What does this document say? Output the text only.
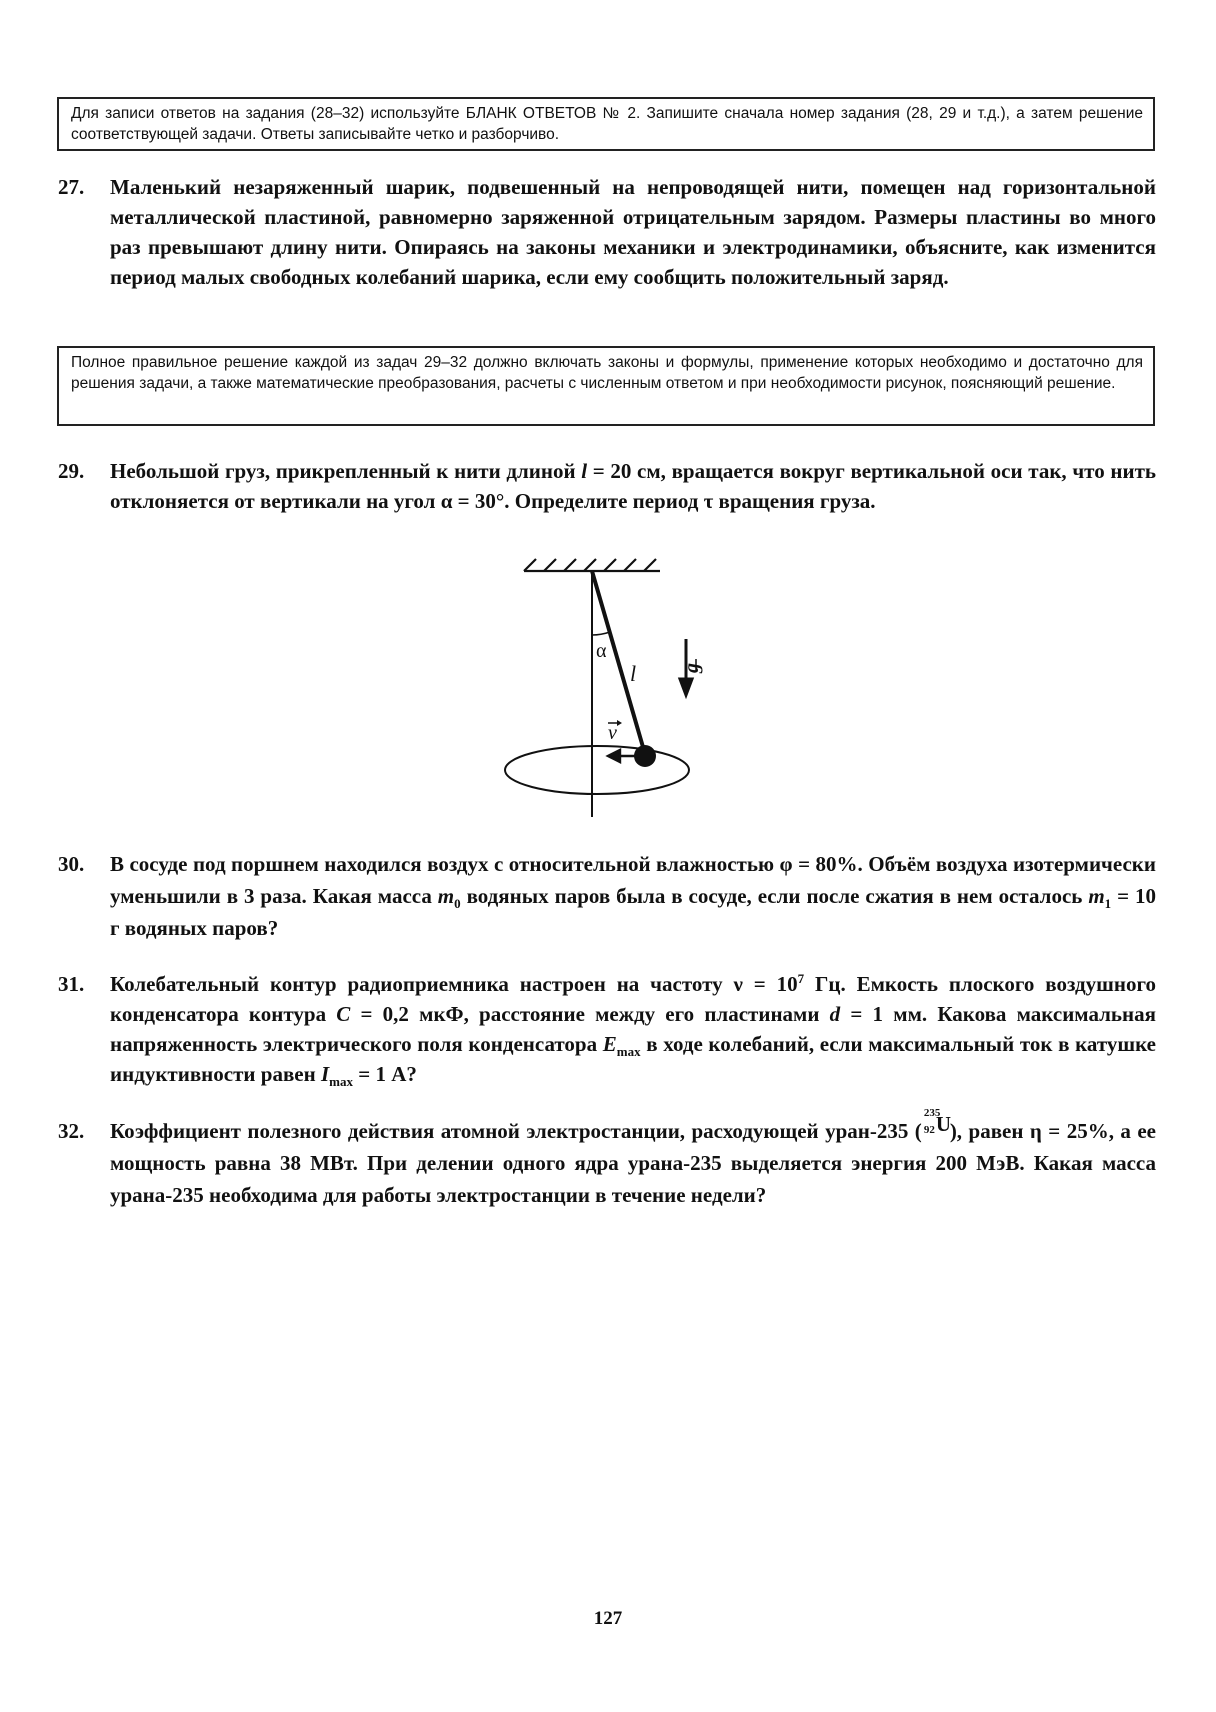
Для записи ответов на задания (28–32) используйте БЛАНК ОТВЕТОВ № 2. Запишите сначала номер задания (28, 29 и т.д.), а затем решение соответствующей задачи. Ответы записывайте четко и разборчиво.
27. Маленький незаряженный шарик, подвешенный на непроводящей нити, помещен над горизонтальной металлической пластиной, равномерно заряженной отрицательным зарядом. Размеры пластины во много раз превышают длину нити. Опираясь на законы механики и электродинамики, объясните, как изменится период малых свободных колебаний шарика, если ему сообщить положительный заряд.
Полное правильное решение каждой из задач 29–32 должно включать законы и формулы, применение которых необходимо и достаточно для решения задачи, а также математические преобразования, расчеты с численным ответом и при необходимости рисунок, поясняющий решение.
29. Небольшой груз, прикрепленный к нити длиной l = 20 см, вращается вокруг вертикальной оси так, что нить отклоняется от вертикали на угол α = 30°. Определите период τ вращения груза.
α
l g
v
30. В сосуде под поршнем находился воздух с относительной влажностью φ = 80%. Объём воздуха изотермически уменьшили в 3 раза. Какая масса $m_0$ водяных паров была в сосуде, если после сжатия в нем осталось $m_1 = 10$ г водяных паров?
31. Колебательный контур радиоприемника настроен на частоту $\nu = 10^7$ Гц. Емкость плоского воздушного конденсатора контура C = 0,2 мкФ, расстояние между его пластинами d = 1 мм. Какова максимальная напряженность электрического поля конденсатора $E_{max}$ в ходе колебаний, если максимальный ток в катушке индуктивности равен $I_{max} = 1$ А?
32. Коэффициент полезного действия атомной электростанции, расходующей уран-235 (
235
92 U
), равен η = 25%, а ее мощность равна 38 МВт. При делении одного ядра урана-235 выделяется энергия 200 МэВ. Какая масса урана-235 необходима для работы электростанции в течение недели?
127
